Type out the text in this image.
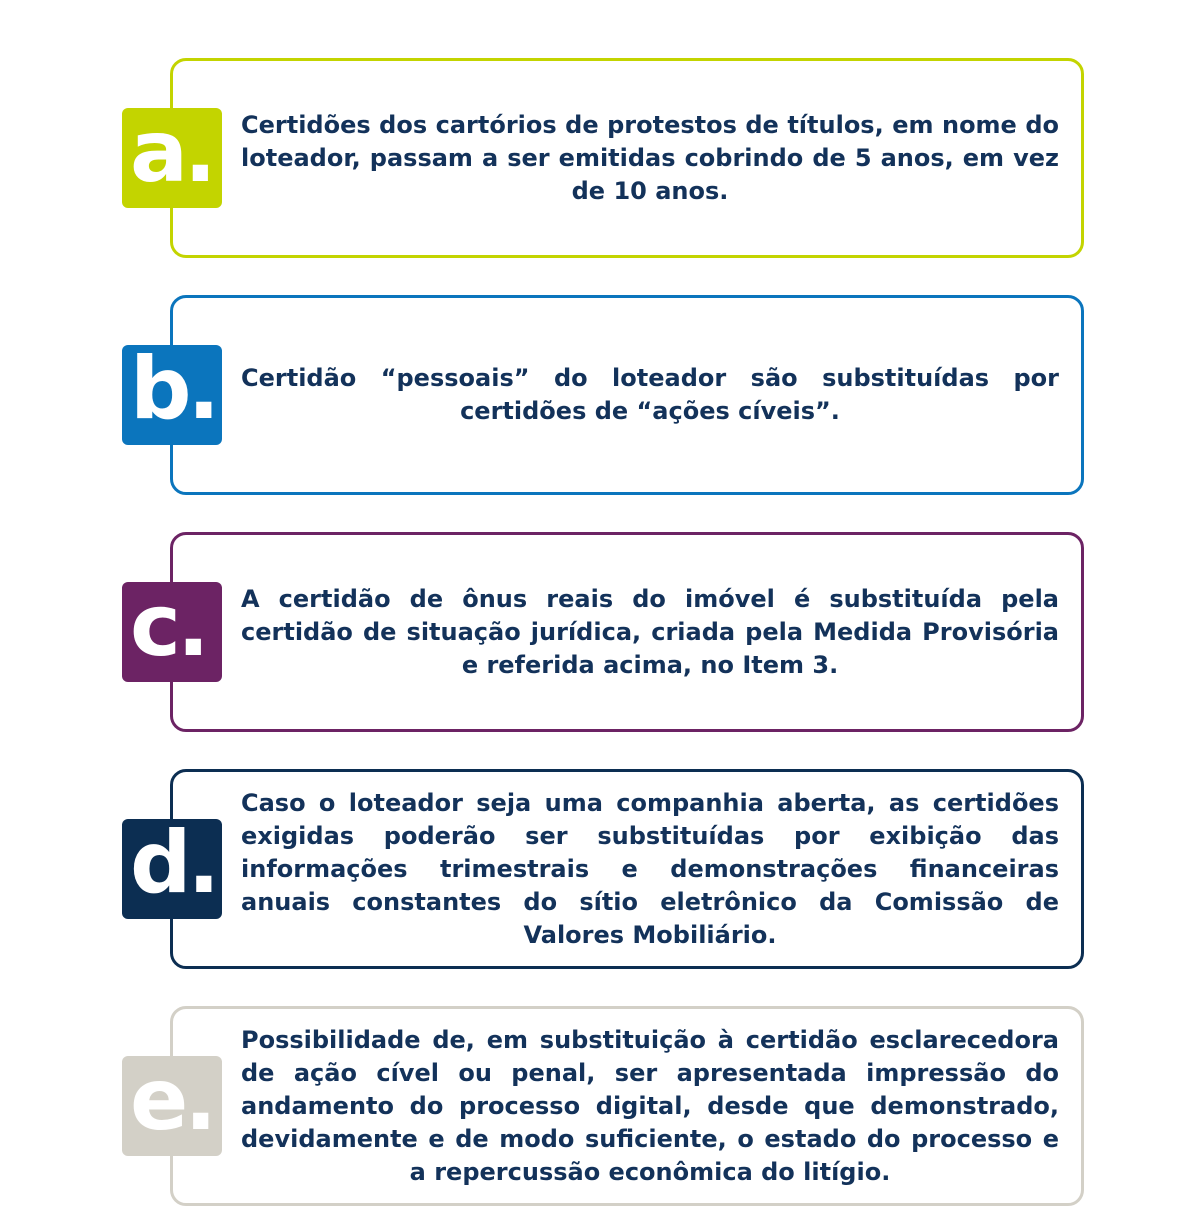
Certidões dos cartórios de protestos de títulos, em nome do loteador, passam a ser emitidas cobrindo de 5 anos, em vez de 10 anos.

a.

Certidão “pessoais” do loteador são substituídas por certidões de “ações cíveis”.

b.

A certidão de ônus reais do imóvel é substituída pela certidão de situação jurídica, criada pela Medida Provisória e referida acima, no Item 3.

c.

Caso o loteador seja uma companhia aberta, as certidões exigidas poderão ser substituídas por exibição das informações trimestrais e demonstrações financeiras anuais constantes do sítio eletrônico da Comissão de Valores Mobiliário.

d.

Possibilidade de, em substituição à certidão esclarecedora de ação cível ou penal, ser apresentada impressão do andamento do processo digital, desde que demonstrado, devidamente e de modo suficiente, o estado do processo e a repercussão econômica do litígio.

e.
